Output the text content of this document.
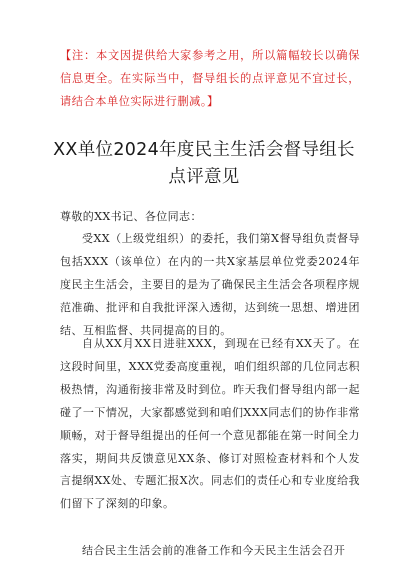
【注：本文因提供给大家参考之用，所以篇幅较长以确保信息更全。在实际当中，督导组长的点评意见不宜过长，请结合本单位实际进行删减。】
XX单位2024年度民主生活会督导组长
点评意见
尊敬的XX书记、各位同志：

受XX（上级党组织）的委托，我们第X督导组负责督导包括XXX（该单位）在内的一共X家基层单位党委2024年度民主生活会，主要目的是为了确保民主生活会各项程序规范准确、批评和自我批评深入透彻，达到统一思想、增进团结、互相监督、共同提高的目的。

自从XX月XX日进驻XXX，到现在已经有XX天了。在这段时间里，XXX党委高度重视，咱们组织部的几位同志积极热情，沟通衔接非常及时到位。昨天我们督导组内部一起碰了一下情况，大家都感觉到和咱们XXX同志们的协作非常顺畅，对于督导组提出的任何一个意见都能在第一时间全力落实，期间共反馈意见XX条、修订对照检查材料和个人发言提纲XX处、专题汇报X次。同志们的责任心和专业度给我们留下了深刻的印象。

结合民主生活会前的准备工作和今天民主生活会召开
